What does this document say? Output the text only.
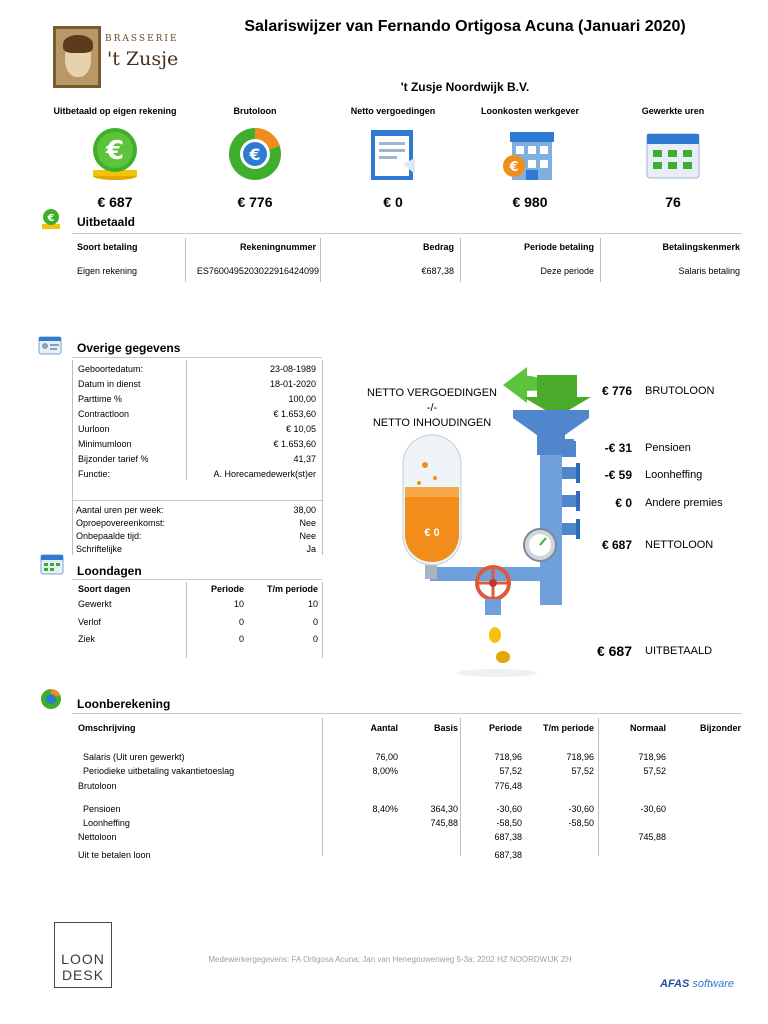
BRASSERIE
't Zusje
Salariswijzer van Fernando Ortigosa Acuna (Januari 2020)
't Zusje Noordwijk B.V.
Uitbetaald op eigen rekening
€
€ 687
Brutoloon
€
€ 776
Netto vergoedingen
€ 0
Loonkosten werkgever
€
€ 980
Gewerkte uren
76
€ Uitbetaald
Soort betaling	Rekeningnummer	Bedrag	Periode betaling	Betalingskenmerk
Eigen rekening	ES7600495203022916424099	€687,38	Deze periode	Salaris betaling
Overige gegevens
Geboortedatum:	23-08-1989
Datum in dienst	18-01-2020
Parttime %	100,00
Contractloon	€ 1.653,60
Uurloon	€ 10,05
Minimumloon	€ 1.653,60
Bijzonder tarief %	41,37
Functie:	A. Horecamedewerk(st)er
Aantal uren per week:	38,00
Oproepovereenkomst:	Nee
Onbepaalde tijd:	Nee
Schriftelijke	Ja
Loondagen
Soort dagen	Periode	T/m periode
Gewerkt	10	10
Verlof	0	0
Ziek	0	0
NETTO VERGOEDINGEN
-/-
NETTO INHOUDINGEN
€ 0
€ 776 BRUTOLOON
-€ 31 Pensioen
-€ 59 Loonheffing
€ 0 Andere premies
€ 687 NETTOLOON
€ 687 UITBETAALD
Loonberekening
Omschrijving	Aantal	Basis	Periode	T/m periode	Normaal	Bijzonder

Salaris (Uit uren gewerkt)	76,00		718,96	718,96	718,96	
Periodieke uitbetaling vakantietoeslag	8,00%		57,52	57,52	57,52	
Brutoloon			776,48			

Pensioen	8,40%	364,30	-30,60	-30,60	-30,60	
Loonheffing		745,88	-58,50	-58,50		
Nettoloon			687,38		745,88	
Uit te betalen loon			687,38			
LOON
DESK
Medewerkergegevens: FA Ortigosa Acuna; Jan van Henegouwenweg 5-3a; 2202 HZ NOORDWIJK ZH
AFAS software
